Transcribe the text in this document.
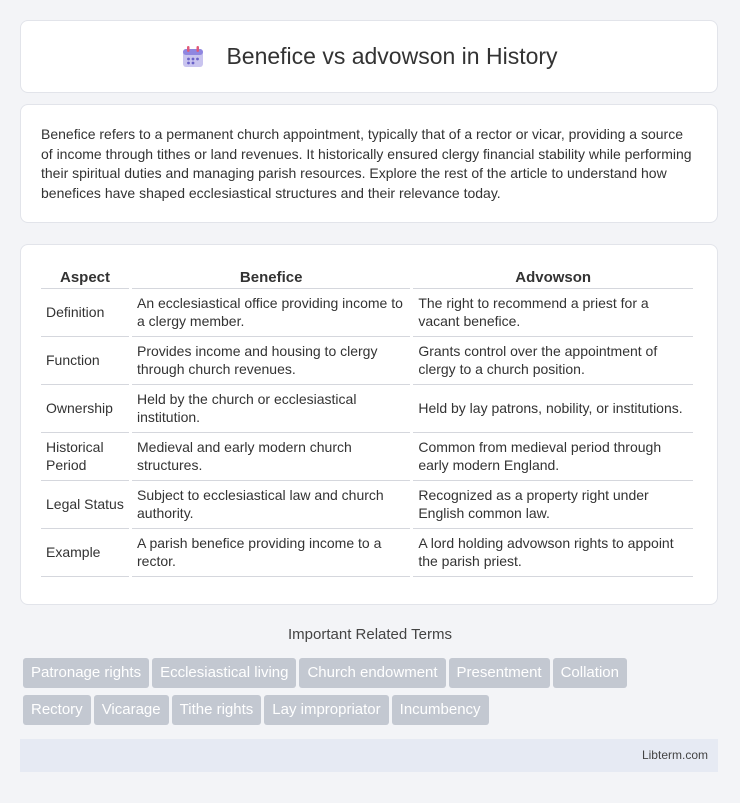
Benefice vs advowson in History

Benefice refers to a permanent church appointment, typically that of a rector or vicar, providing a source of income through tithes or land revenues. It historically ensured clergy financial stability while performing their spiritual duties and managing parish resources. Explore the rest of the article to understand how benefices have shaped ecclesiastical structures and their relevance today.

Aspect	Benefice	Advowson
Definition	An ecclesiastical office providing income to a clergy member.	The right to recommend a priest for a vacant benefice.
Function	Provides income and housing to clergy through church revenues.	Grants control over the appointment of clergy to a church position.
Ownership	Held by the church or ecclesiastical institution.	Held by lay patrons, nobility, or institutions.
Historical Period	Medieval and early modern church structures.	Common from medieval period through early modern England.
Legal Status	Subject to ecclesiastical law and church authority.	Recognized as a property right under English common law.
Example	A parish benefice providing income to a rector.	A lord holding advowson rights to appoint the parish priest.
Important Related Terms
Patronage rights Ecclesiastical living Church endowment Presentment Collation
Rectory Vicarage Tithe rights Lay impropriator Incumbency
Libterm.com
